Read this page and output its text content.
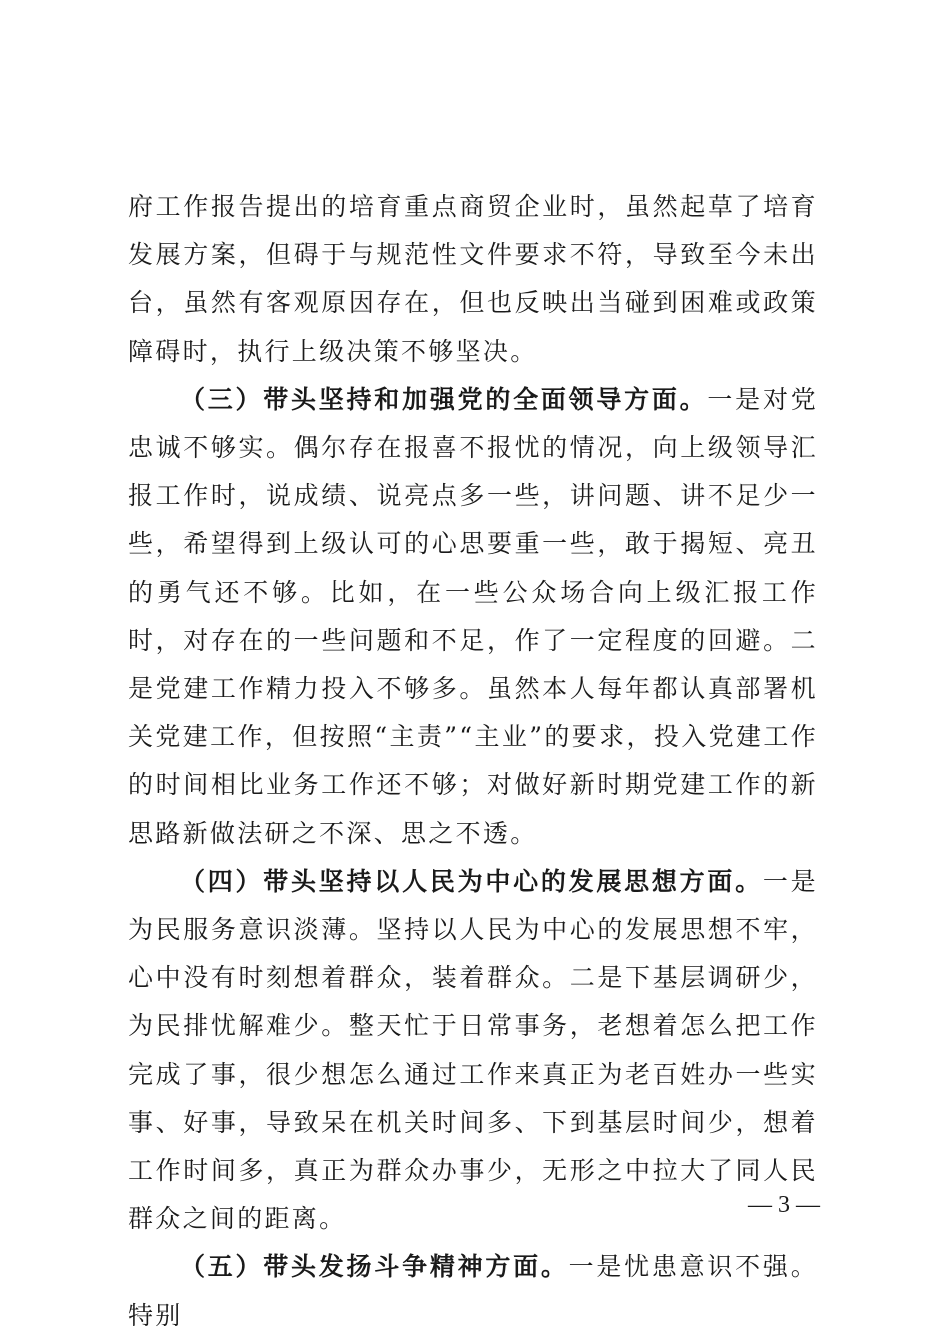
府工作报告提出的培育重点商贸企业时，虽然起草了培育发展方案，但碍于与规范性文件要求不符，导致至今未出台，虽然有客观原因存在，但也反映出当碰到困难或政策障碍时，执行上级决策不够坚决。

（三）带头坚持和加强党的全面领导方面。一是对党忠诚不够实。偶尔存在报喜不报忧的情况，向上级领导汇报工作时，说成绩、说亮点多一些，讲问题、讲不足少一些，希望得到上级认可的心思要重一些，敢于揭短、亮丑的勇气还不够。比如，在一些公众场合向上级汇报工作时，对存在的一些问题和不足，作了一定程度的回避。二是党建工作精力投入不够多。虽然本人每年都认真部署机关党建工作，但按照“主责”“主业”的要求，投入党建工作的时间相比业务工作还不够；对做好新时期党建工作的新思路新做法研之不深、思之不透。

（四）带头坚持以人民为中心的发展思想方面。一是为民服务意识淡薄。坚持以人民为中心的发展思想不牢，心中没有时刻想着群众，装着群众。二是下基层调研少，为民排忧解难少。整天忙于日常事务，老想着怎么把工作完成了事，很少想怎么通过工作来真正为老百姓办一些实事、好事，导致呆在机关时间多、下到基层时间少，想着工作时间多，真正为群众办事少，无形之中拉大了同人民群众之间的距离。

（五）带头发扬斗争精神方面。一是忧患意识不强。特别

— 3 —
